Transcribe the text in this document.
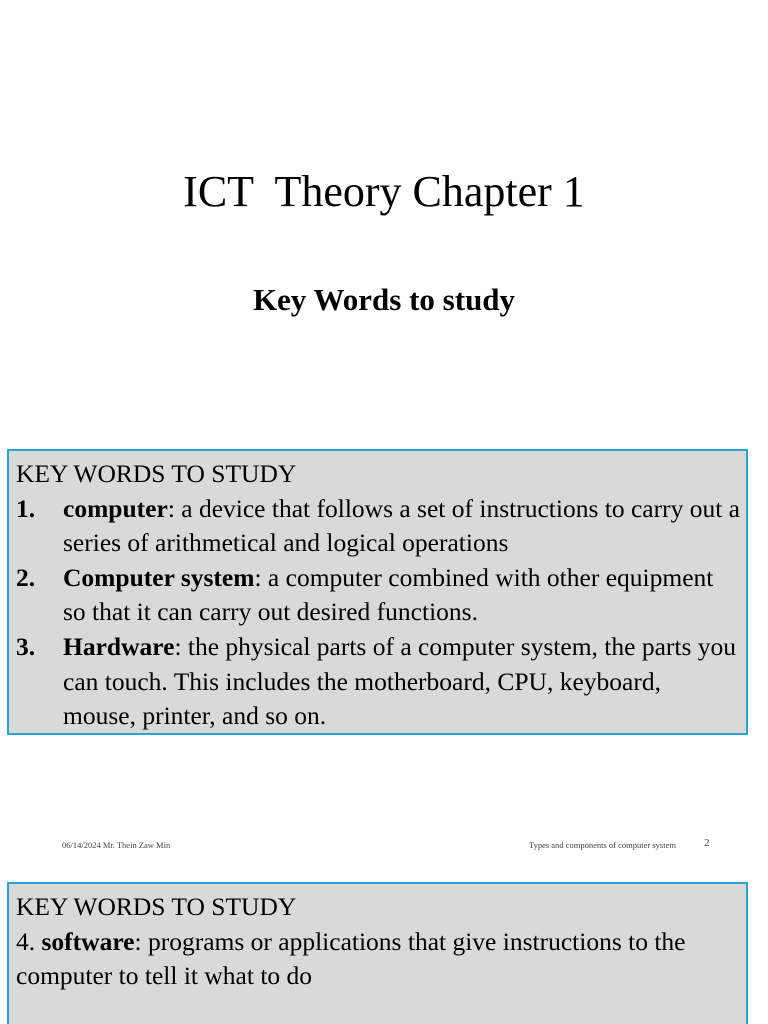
ICT  Theory Chapter 1
Key Words to study
KEY WORDS TO STUDY
1.	computer: a device that follows a set of instructions to carry out a series of arithmetical and logical operations
2.	Computer system: a computer combined with other equipment so that it can carry out desired functions.
3.	Hardware: the physical parts of a computer system, the parts you can touch. This includes the motherboard, CPU, keyboard, mouse, printer, and so on.
06/14/2024 Mr. Thein Zaw Min	Types and components of computer system	2
KEY WORDS TO STUDY
4. software: programs or applications that give instructions to the computer to tell it what to do
